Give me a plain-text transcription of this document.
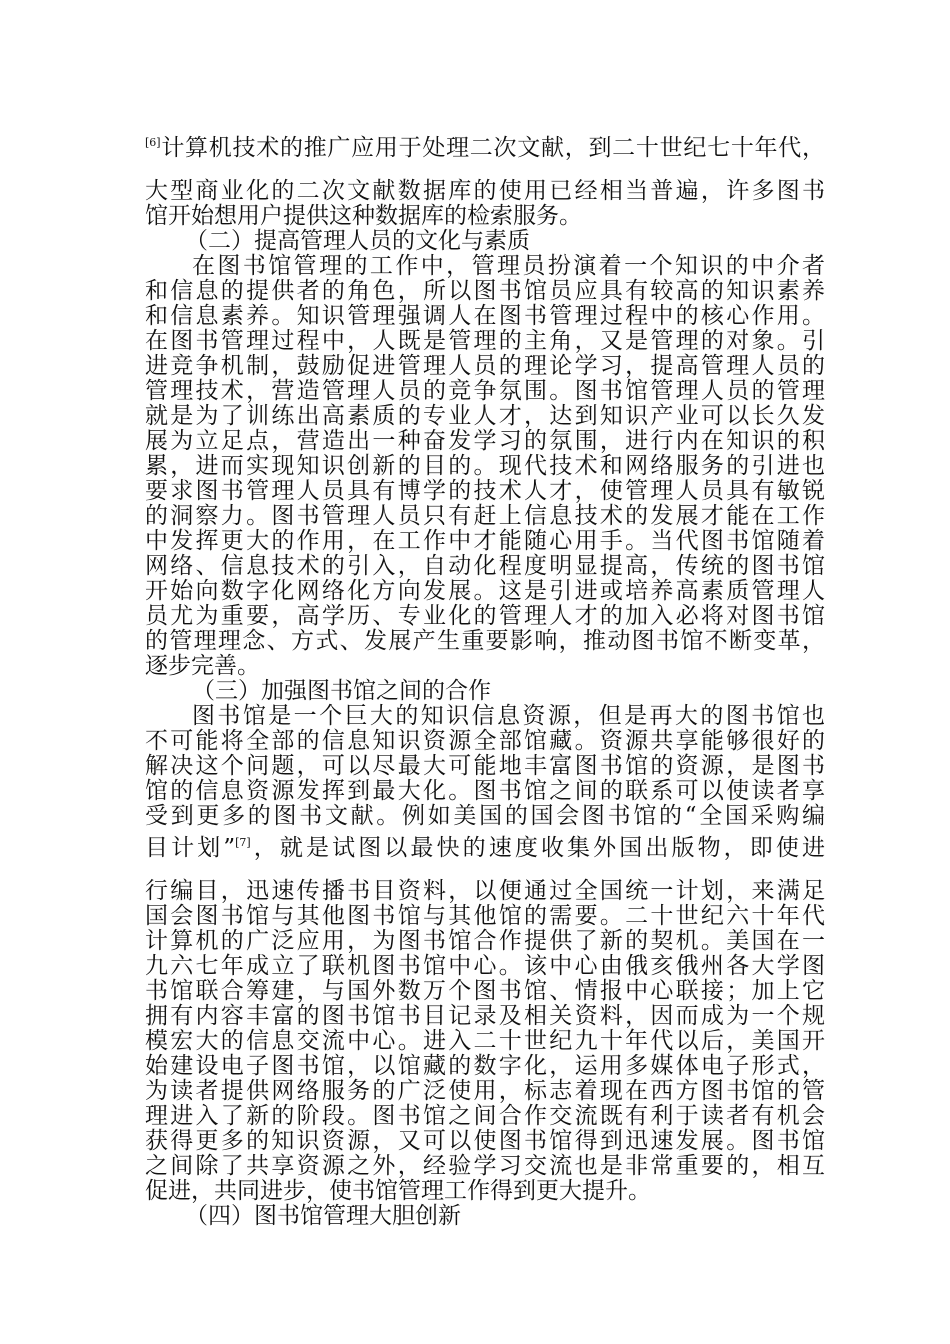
[6]计算机技术的推广应用于处理二次文献，到二十世纪七十年代，
大型商业化的二次文献数据库的使用已经相当普遍，许多图书
馆开始想用户提供这种数据库的检索服务。
（二）提高管理人员的文化与素质
在图书馆管理的工作中，管理员扮演着一个知识的中介者
和信息的提供者的角色，所以图书馆员应具有较高的知识素养
和信息素养。知识管理强调人在图书管理过程中的核心作用。
在图书管理过程中，人既是管理的主角，又是管理的对象。引
进竞争机制，鼓励促进管理人员的理论学习，提高管理人员的
管理技术，营造管理人员的竞争氛围。图书馆管理人员的管理
就是为了训练出高素质的专业人才，达到知识产业可以长久发
展为立足点，营造出一种奋发学习的氛围，进行内在知识的积
累，进而实现知识创新的目的。现代技术和网络服务的引进也
要求图书管理人员具有博学的技术人才，使管理人员具有敏锐
的洞察力。图书管理人员只有赶上信息技术的发展才能在工作
中发挥更大的作用，在工作中才能随心用手。当代图书馆随着
网络、信息技术的引入，自动化程度明显提高，传统的图书馆
开始向数字化网络化方向发展。这是引进或培养高素质管理人
员尤为重要，高学历、专业化的管理人才的加入必将对图书馆
的管理理念、方式、发展产生重要影响，推动图书馆不断变革，
逐步完善。
（三）加强图书馆之间的合作
图书馆是一个巨大的知识信息资源，但是再大的图书馆也
不可能将全部的信息知识资源全部馆藏。资源共享能够很好的
解决这个问题，可以尽最大可能地丰富图书馆的资源，是图书
馆的信息资源发挥到最大化。图书馆之间的联系可以使读者享
受到更多的图书文献。例如美国的国会图书馆的“全国采购编
目计划”[7]，就是试图以最快的速度收集外国出版物，即使进
行编目，迅速传播书目资料，以便通过全国统一计划，来满足
国会图书馆与其他图书馆与其他馆的需要。二十世纪六十年代
计算机的广泛应用，为图书馆合作提供了新的契机。美国在一
九六七年成立了联机图书馆中心。该中心由俄亥俄州各大学图
书馆联合筹建，与国外数万个图书馆、情报中心联接；加上它
拥有内容丰富的图书馆书目记录及相关资料，因而成为一个规
模宏大的信息交流中心。进入二十世纪九十年代以后，美国开
始建设电子图书馆，以馆藏的数字化，运用多媒体电子形式，
为读者提供网络服务的广泛使用，标志着现在西方图书馆的管
理进入了新的阶段。图书馆之间合作交流既有利于读者有机会
获得更多的知识资源，又可以使图书馆得到迅速发展。图书馆
之间除了共享资源之外，经验学习交流也是非常重要的，相互
促进，共同进步，使书馆管理工作得到更大提升。
（四）图书馆管理大胆创新
